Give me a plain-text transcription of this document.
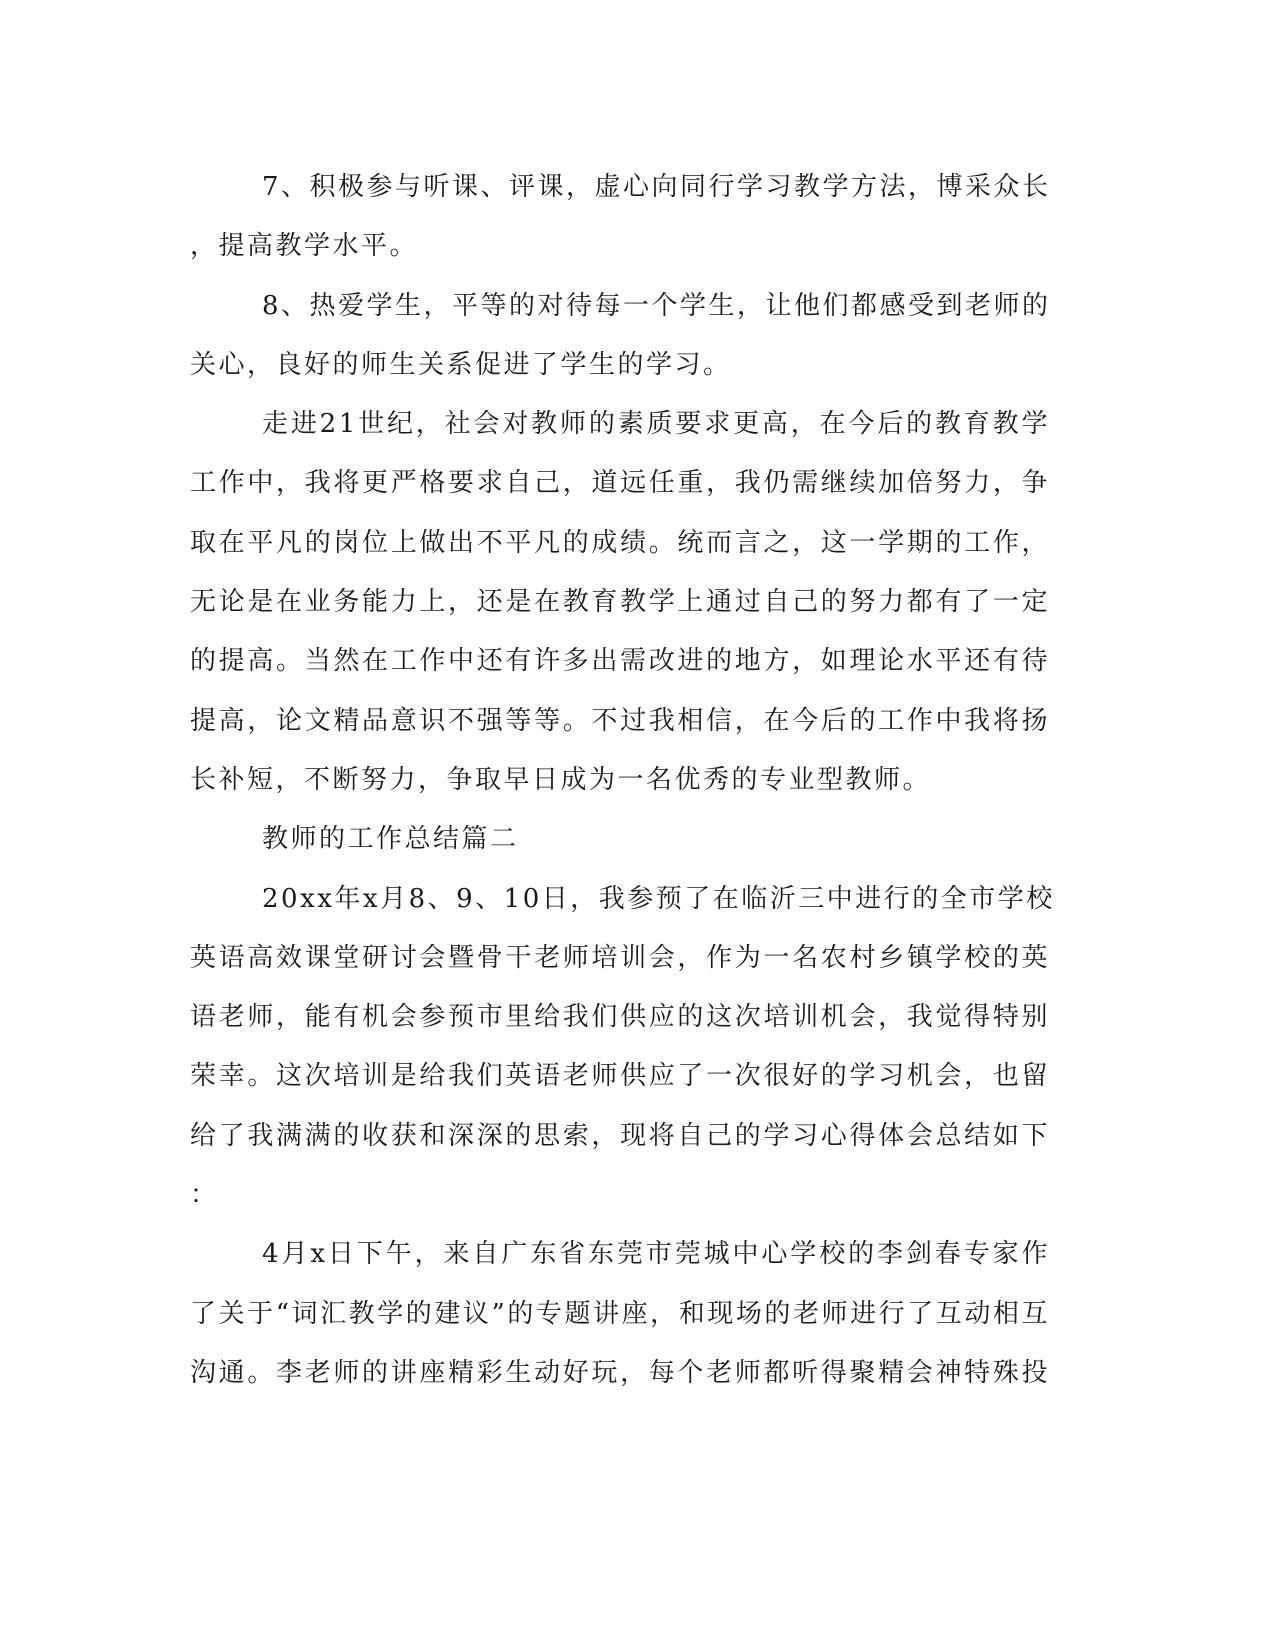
7、积极参与听课、评课，虚心向同行学习教学方法，博采众长
，提高教学水平。
8、热爱学生，平等的对待每一个学生，让他们都感受到老师的
关心，良好的师生关系促进了学生的学习。
走进21世纪，社会对教师的素质要求更高，在今后的教育教学
工作中，我将更严格要求自己，道远任重，我仍需继续加倍努力，争
取在平凡的岗位上做出不平凡的成绩。统而言之，这一学期的工作，
无论是在业务能力上，还是在教育教学上通过自己的努力都有了一定
的提高。当然在工作中还有许多出需改进的地方，如理论水平还有待
提高，论文精品意识不强等等。不过我相信，在今后的工作中我将扬
长补短，不断努力，争取早日成为一名优秀的专业型教师。
教师的工作总结篇二
20xx年x月8、9、10日，我参预了在临沂三中进行的全市学校
英语高效课堂研讨会暨骨干老师培训会，作为一名农村乡镇学校的英
语老师，能有机会参预市里给我们供应的这次培训机会，我觉得特别
荣幸。这次培训是给我们英语老师供应了一次很好的学习机会，也留
给了我满满的收获和深深的思索，现将自己的学习心得体会总结如下
：
4月x日下午，来自广东省东莞市莞城中心学校的李剑春专家作
了关于“词汇教学的建议”的专题讲座，和现场的老师进行了互动相互
沟通。李老师的讲座精彩生动好玩，每个老师都听得聚精会神特殊投
